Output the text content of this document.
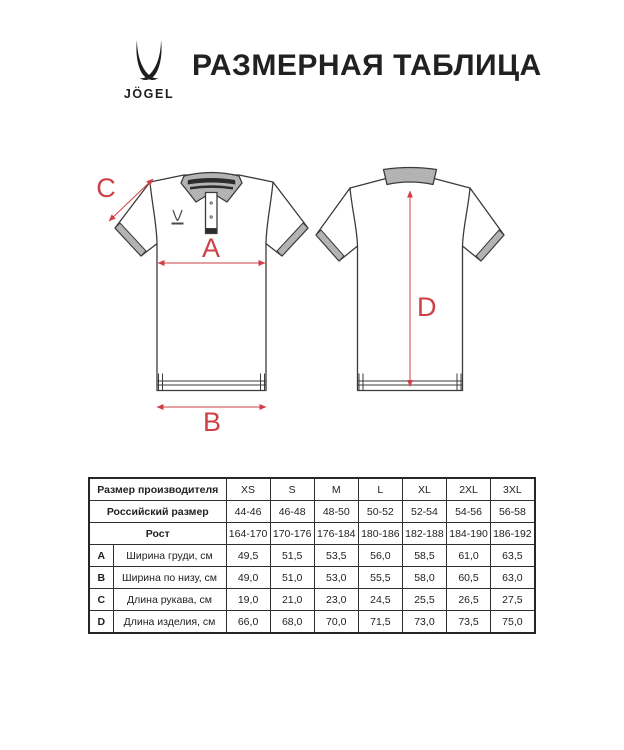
JÖGEL
РАЗМЕРНАЯ ТАБЛИЦА
A
B
C
D
Размер производителя		XS	S	M	L	XL	2XL	3XL
Российский размер		44-46	46-48	48-50	50-52	52-54	54-56	56-58
Рост		164-170	170-176	176-184	180-186	182-188	184-190	186-192
A	Ширина груди, см	49,5	51,5	53,5	56,0	58,5	61,0	63,5
B	Ширина по низу, см	49,0	51,0	53,0	55,5	58,0	60,5	63,0
C	Длина рукава, см	19,0	21,0	23,0	24,5	25,5	26,5	27,5
D	Длина изделия, см	66,0	68,0	70,0	71,5	73,0	73,5	75,0
